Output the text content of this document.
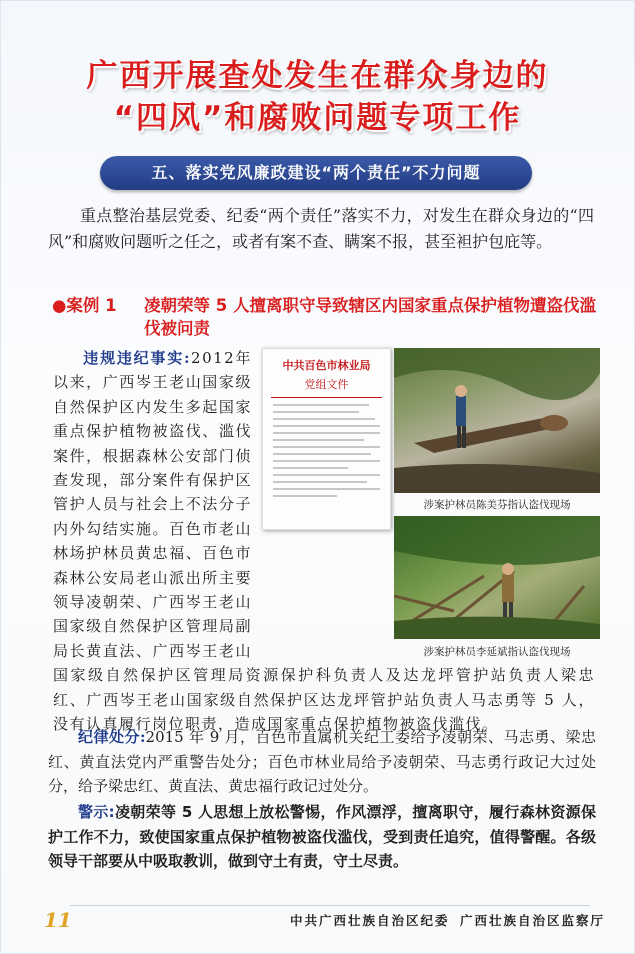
广西开展查处发生在群众身边的
“四风”和腐败问题专项工作
五、落实党风廉政建设“两个责任”不力问题
重点整治基层党委、纪委“两个责任”落实不力，对发生在群众身边的“四风”和腐败问题听之任之，或者有案不查、瞒案不报，甚至袒护包庇等。
●案例 1 凌朝荣等 5 人擅离职守导致辖区内国家重点保护植物遭盗伐滥伐被问责
违规违纪事实:2012年以来，广西岑王老山国家级自然保护区内发生多起国家重点保护植物被盗伐、滥伐案件，根据森林公安部门侦查发现，部分案件有保护区管护人员与社会上不法分子内外勾结实施。百色市老山林场护林员黄忠福、百色市森林公安局老山派出所主要领导凌朝荣、广西岑王老山国家级自然保护区管理局副局长黄直法、广西岑王老山国家级自然保护区管理局资源保护科负责人及达龙坪管护站负责人梁忠红、广西岑王老山国家级自然保护区达龙坪管护站负责人马志勇等 5 人，没有认真履行岗位职责，造成国家重点保护植物被盗伐滥伐。
中共百色市林业局
党组文件
涉案护林员陈美芬指认盗伐现场
涉案护林员李延斌指认盗伐现场
纪律处分:2015 年 9 月，百色市直属机关纪工委给予凌朝荣、马志勇、梁忠红、黄直法党内严重警告处分；百色市林业局给予凌朝荣、马志勇行政记大过处分，给予梁忠红、黄直法、黄忠福行政记过处分。
警示:凌朝荣等 5 人思想上放松警惕，作风漂浮，擅离职守，履行森林资源保护工作不力，致使国家重点保护植物被盗伐滥伐，受到责任追究，值得警醒。各级领导干部要从中吸取教训，做到守土有责，守土尽责。
11	中共广西壮族自治区纪委 广西壮族自治区监察厅
